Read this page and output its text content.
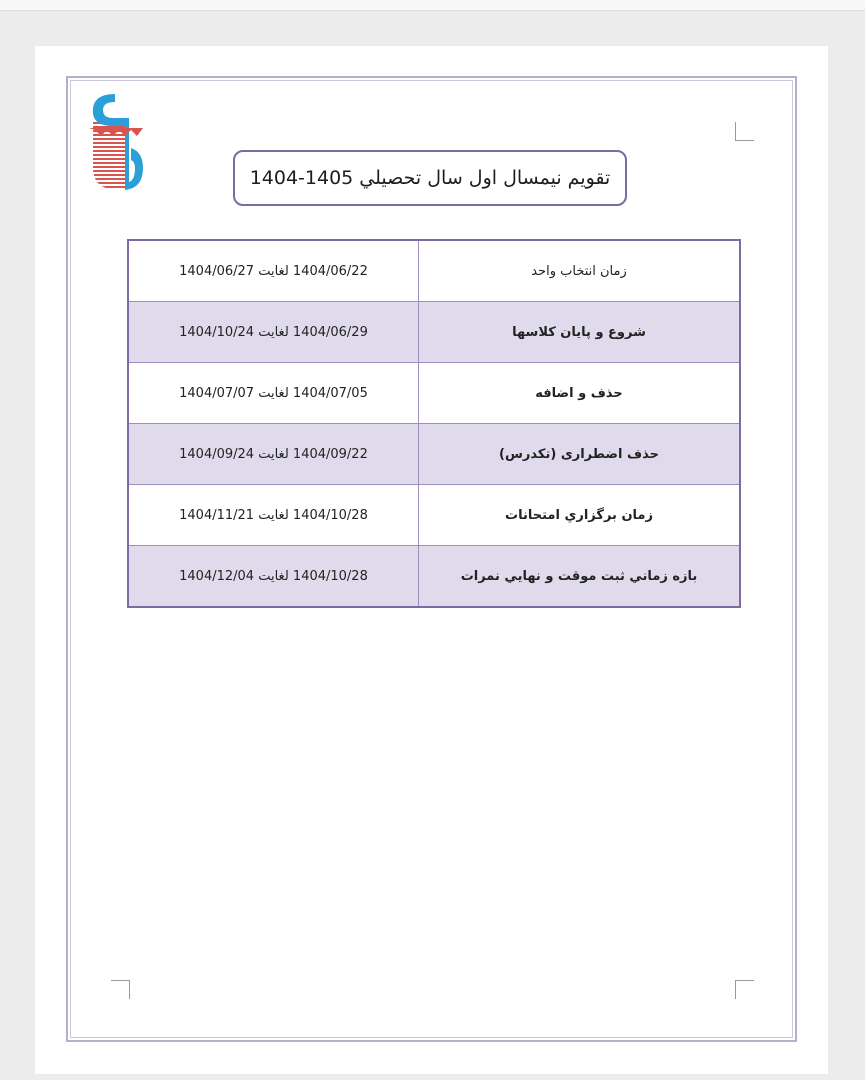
تقویم نیمسال اول سال تحصيلي 1405-1404
1404/06/22 لغایت 1404/06/27	زمان انتخاب واحد
1404/06/29 لغایت 1404/10/24	شروع و پايان كلاسها
1404/07/05 لغایت 1404/07/07	حذف و اضافه
1404/09/22 لغایت 1404/09/24	حذف اضطراری (تکدرس)
1404/10/28 لغایت 1404/11/21	زمان برگزاري امتحانات
1404/10/28 لغایت 1404/12/04	بازه زماني ثبت موقت و نهايي نمرات
